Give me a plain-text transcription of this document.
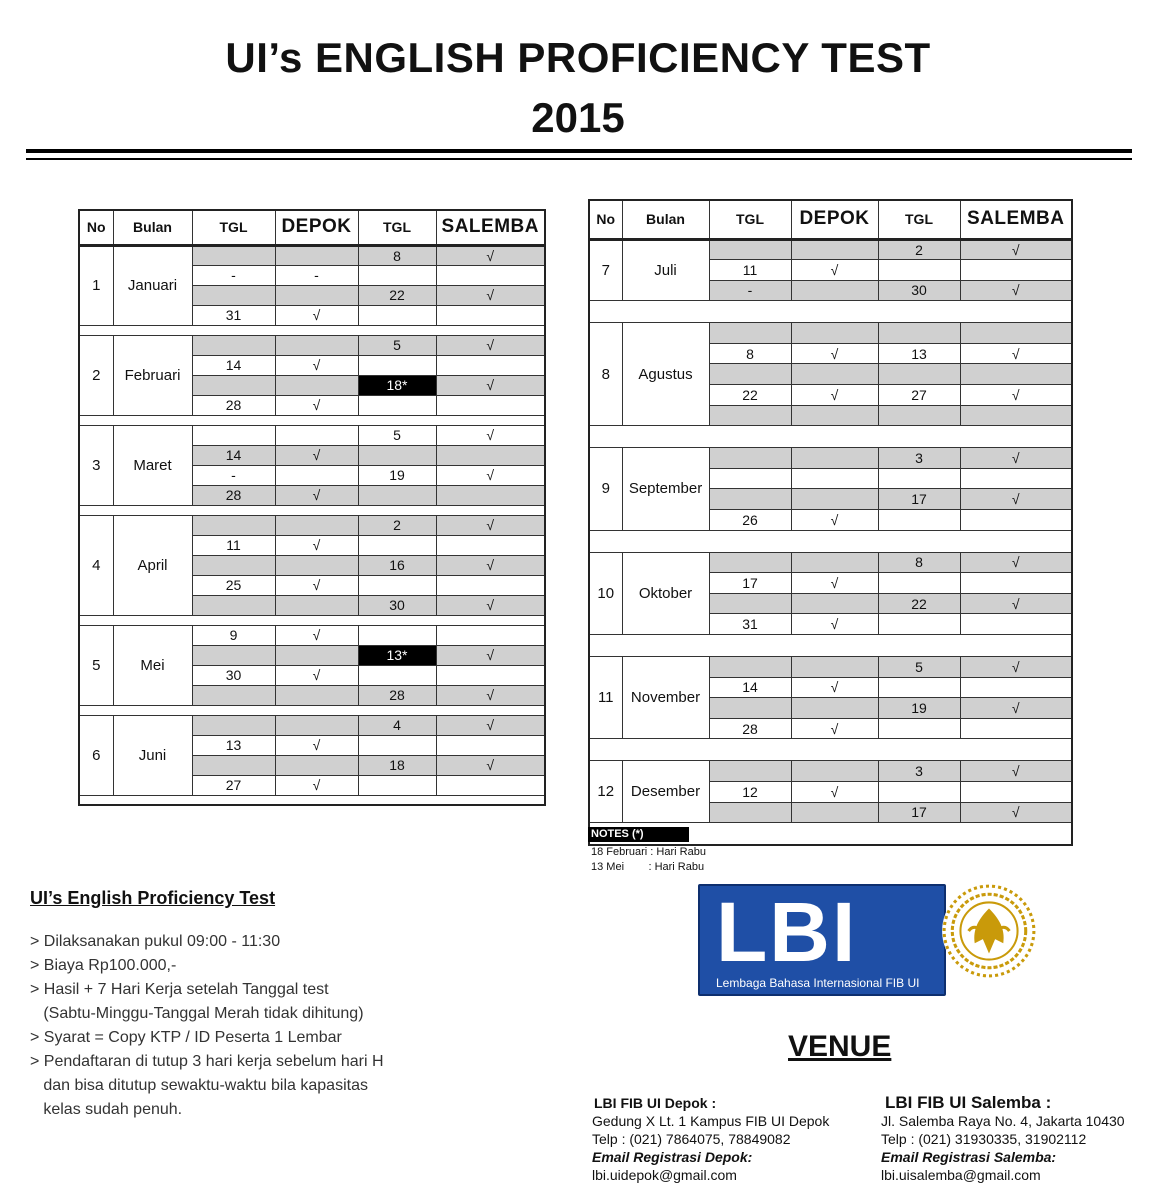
UI’s ENGLISH PROFICIENCY TEST
2015
No	Bulan	TGL	DEPOK	TGL	SALEMBA
1	Januari			8	√
		-	-		
				22	√
		31	√		

2	Februari			5	√
		14	√		
				18*	√
		28	√		

3	Maret			5	√
		14	√		
		-		19	√
		28	√		

4	April			2	√
		11	√		
				16	√
		25	√		
				30	√

5	Mei	9	√		
				13*	√
		30	√		
				28	√

6	Juni			4	√
		13	√		
				18	√
		27	√		

No	Bulan	TGL	DEPOK	TGL	SALEMBA
7	Juli			2	√
		11	√		
		-		30	√

8	Agustus				
		8	√	13	√

		22	√	27	√

9	September			3	√

				17	√
		26	√		

10	Oktober			8	√
		17	√		
				22	√
		31	√		

11	November			5	√
		14	√		
				19	√
		28	√		

12	Desember			3	√
		12	√		
				17	√

NOTES (*)
18 Februari : Hari Rabu
13 Mei        : Hari Rabu
UI’s English Proficiency Test
> Dilaksanakan pukul 09:00 - 11:30
> Biaya Rp100.000,-
> Hasil + 7 Hari Kerja setelah Tanggal test
(Sabtu-Minggu-Tanggal Merah tidak dihitung)
> Syarat = Copy KTP / ID Peserta 1 Lembar
> Pendaftaran di tutup 3 hari kerja sebelum hari H
dan bisa ditutup sewaktu-waktu bila kapasitas
kelas sudah penuh.
LBI
Lembaga Bahasa Internasional FIB UI
VENUE
LBI FIB UI Depok :
Gedung X Lt. 1 Kampus FIB UI Depok
Telp : (021) 7864075, 78849082
Email Registrasi Depok:
lbi.uidepok@gmail.com
LBI FIB UI Salemba :
Jl. Salemba Raya No. 4, Jakarta 10430
Telp : (021) 31930335, 31902112
Email Registrasi Salemba:
lbi.uisalemba@gmail.com
